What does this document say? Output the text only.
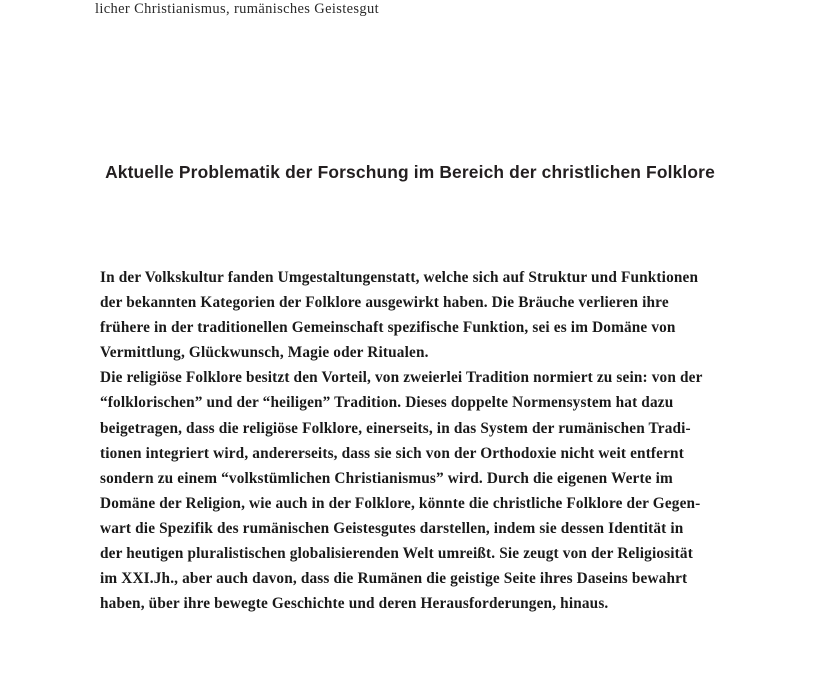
licher Christianismus, rumänisches Geistesgut
Aktuelle Problematik der Forschung im Bereich der christlichen Folklore

In der Volkskultur fanden Umgestaltungenstatt, welche sich auf Struktur und Funktionen
der bekannten Kategorien der Folklore ausgewirkt haben. Die Bräuche verlieren ihre
frühere in der traditionellen Gemeinschaft spezifische Funktion, sei es im Domäne von
Vermittlung, Glückwunsch, Magie oder Ritualen.

Die religiöse Folklore besitzt den Vorteil, von zweierlei Tradition normiert zu sein: von der
“folklorischen” und der “heiligen” Tradition. Dieses doppelte Normensystem hat dazu
beigetragen, dass die religiöse Folklore, einerseits, in das System der rumänischen Tradi-
tionen integriert wird, andererseits, dass sie sich von der Orthodoxie nicht weit entfernt
sondern zu einem “volkstümlichen Christianismus” wird. Durch die eigenen Werte im
Domäne der Religion, wie auch in der Folklore, könnte die christliche Folklore der Gegen-
wart die Spezifik des rumänischen Geistesgutes darstellen, indem sie dessen Identität in
der heutigen pluralistischen globalisierenden Welt umreißt. Sie zeugt von der Religiosität
im XXI.Jh., aber auch davon, dass die Rumänen die geistige Seite ihres Daseins bewahrt
haben, über ihre bewegte Geschichte und deren Herausforderungen, hinaus.
